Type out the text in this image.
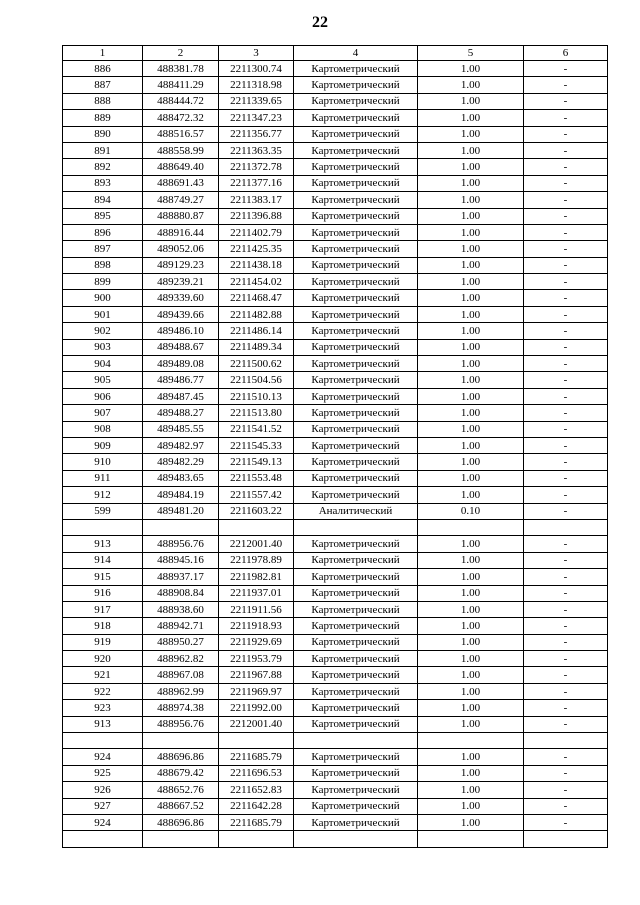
22
1	2	3	4	5	6
886	488381.78	2211300.74	Картометрический	1.00	-
887	488411.29	2211318.98	Картометрический	1.00	-
888	488444.72	2211339.65	Картометрический	1.00	-
889	488472.32	2211347.23	Картометрический	1.00	-
890	488516.57	2211356.77	Картометрический	1.00	-
891	488558.99	2211363.35	Картометрический	1.00	-
892	488649.40	2211372.78	Картометрический	1.00	-
893	488691.43	2211377.16	Картометрический	1.00	-
894	488749.27	2211383.17	Картометрический	1.00	-
895	488880.87	2211396.88	Картометрический	1.00	-
896	488916.44	2211402.79	Картометрический	1.00	-
897	489052.06	2211425.35	Картометрический	1.00	-
898	489129.23	2211438.18	Картометрический	1.00	-
899	489239.21	2211454.02	Картометрический	1.00	-
900	489339.60	2211468.47	Картометрический	1.00	-
901	489439.66	2211482.88	Картометрический	1.00	-
902	489486.10	2211486.14	Картометрический	1.00	-
903	489488.67	2211489.34	Картометрический	1.00	-
904	489489.08	2211500.62	Картометрический	1.00	-
905	489486.77	2211504.56	Картометрический	1.00	-
906	489487.45	2211510.13	Картометрический	1.00	-
907	489488.27	2211513.80	Картометрический	1.00	-
908	489485.55	2211541.52	Картометрический	1.00	-
909	489482.97	2211545.33	Картометрический	1.00	-
910	489482.29	2211549.13	Картометрический	1.00	-
911	489483.65	2211553.48	Картометрический	1.00	-
912	489484.19	2211557.42	Картометрический	1.00	-
599	489481.20	2211603.22	Аналитический	0.10	-

913	488956.76	2212001.40	Картометрический	1.00	-
914	488945.16	2211978.89	Картометрический	1.00	-
915	488937.17	2211982.81	Картометрический	1.00	-
916	488908.84	2211937.01	Картометрический	1.00	-
917	488938.60	2211911.56	Картометрический	1.00	-
918	488942.71	2211918.93	Картометрический	1.00	-
919	488950.27	2211929.69	Картометрический	1.00	-
920	488962.82	2211953.79	Картометрический	1.00	-
921	488967.08	2211967.88	Картометрический	1.00	-
922	488962.99	2211969.97	Картометрический	1.00	-
923	488974.38	2211992.00	Картометрический	1.00	-
913	488956.76	2212001.40	Картометрический	1.00	-

924	488696.86	2211685.79	Картометрический	1.00	-
925	488679.42	2211696.53	Картометрический	1.00	-
926	488652.76	2211652.83	Картометрический	1.00	-
927	488667.52	2211642.28	Картометрический	1.00	-
924	488696.86	2211685.79	Картометрический	1.00	-
